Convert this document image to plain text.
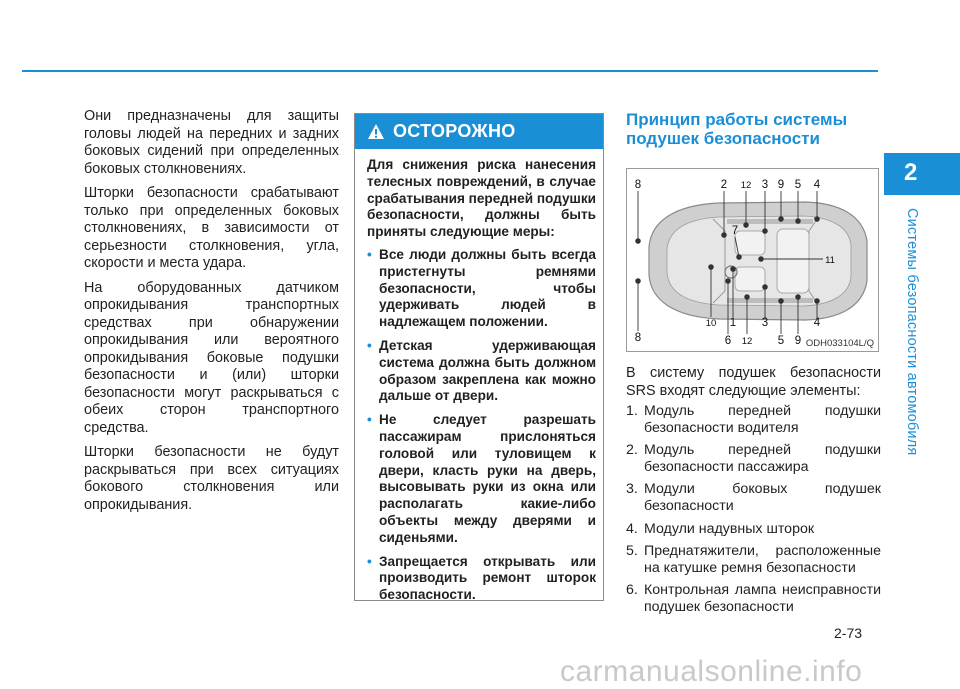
2
Системы безопасности автомобиля

Они предназначены для защиты головы людей на передних и задних боковых сидений при определенных боковых столкновениях.

Шторки безопасности срабатывают только при определенных боковых столкновениях, в зависимости от серьезности столкновения, угла, скорости и места удара.

На оборудованных датчиком опрокидывания транспортных средствах при обнаружении опрокидывания или вероятного опрокидывания боковые подушки безопасности и (или) шторки безопасности могут раскрываться с обеих сторон транспортного средства.

Шторки безопасности не будут раскрываться при всех ситуациях бокового столкновения или опрокидывания.

ОСТОРОЖНО

Для снижения риска нанесения телесных повреждений, в случае срабатывания передней подушки безопасности, должны быть приняты следующие меры:

• Все люди должны быть всегда пристегнуты ремнями безопасности, чтобы удерживать людей в надлежащем положении.
• Детская удерживающая система должна быть должном образом закреплена как можно дальше от двери.
• Не следует разрешать пассажирам прислоняться головой или туловищем к двери, класть руки на дверь, высовывать руки из окна или располагать какие-либо объекты между дверями и сиденьями.
• Запрещается открывать или производить ремонт шторок безопасности.
Принцип работы системы подушек безопасности
8	2 12 3 9 5 4
7
11
8
10 1
6 12
3
5 9
4
ODH033104L/Q
В систему подушек безопасности SRS входят следующие элементы:
1. Модуль передней подушки безопасности водителя
2. Модуль передней подушки безопасности пассажира
3. Модули боковых подушек безопасности
4. Модули надувных шторок
5. Преднатяжители, расположенные на катушке ремня безопасности
6. Контрольная лампа неисправности подушек безопасности
2-73
carmanualsonline.info
